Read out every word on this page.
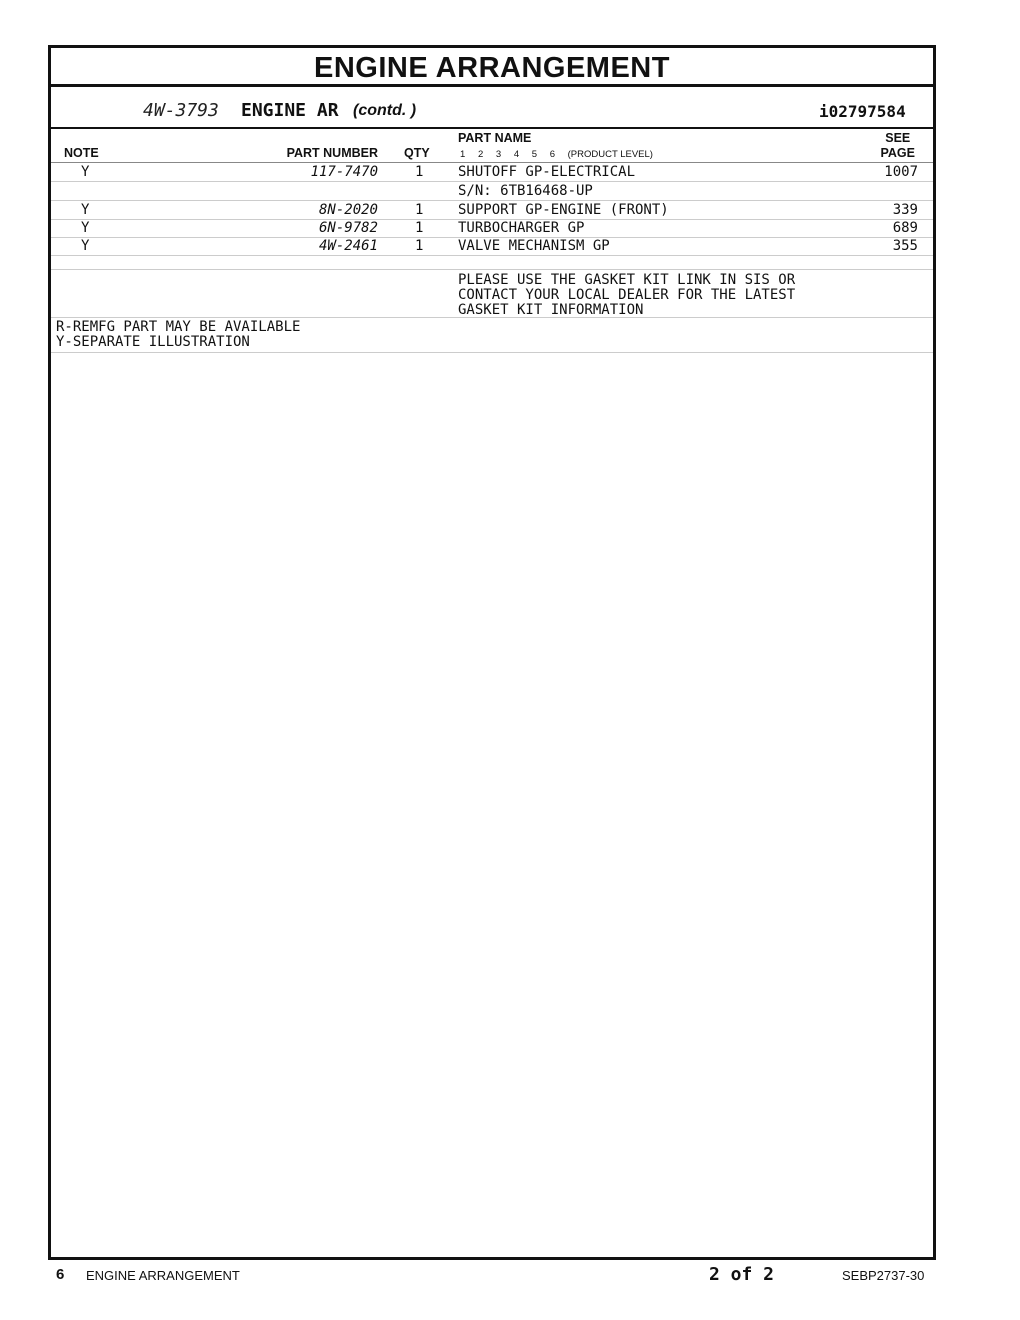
ENGINE ARRANGEMENT
4W-3793 ENGINE AR (contd. )	i02797584
NOTE	PART NUMBER QTY
PART NAME
1 2 3 4 5 6 (PRODUCT LEVEL)
SEE
PAGE
Y	117-7470	1 SHUTOFF GP-ELECTRICAL	1007
S/N: 6TB16468-UP
Y	8N-2020	1 SUPPORT GP-ENGINE (FRONT)	339
Y	6N-9782	1 TURBOCHARGER GP	689
Y	4W-2461	1 VALVE MECHANISM GP	355
PLEASE USE THE GASKET KIT LINK IN SIS OR
CONTACT YOUR LOCAL DEALER FOR THE LATEST
GASKET KIT INFORMATION
R-REMFG PART MAY BE AVAILABLE
Y-SEPARATE ILLUSTRATION
6 ENGINE ARRANGEMENT	2 of 2	SEBP2737-30
